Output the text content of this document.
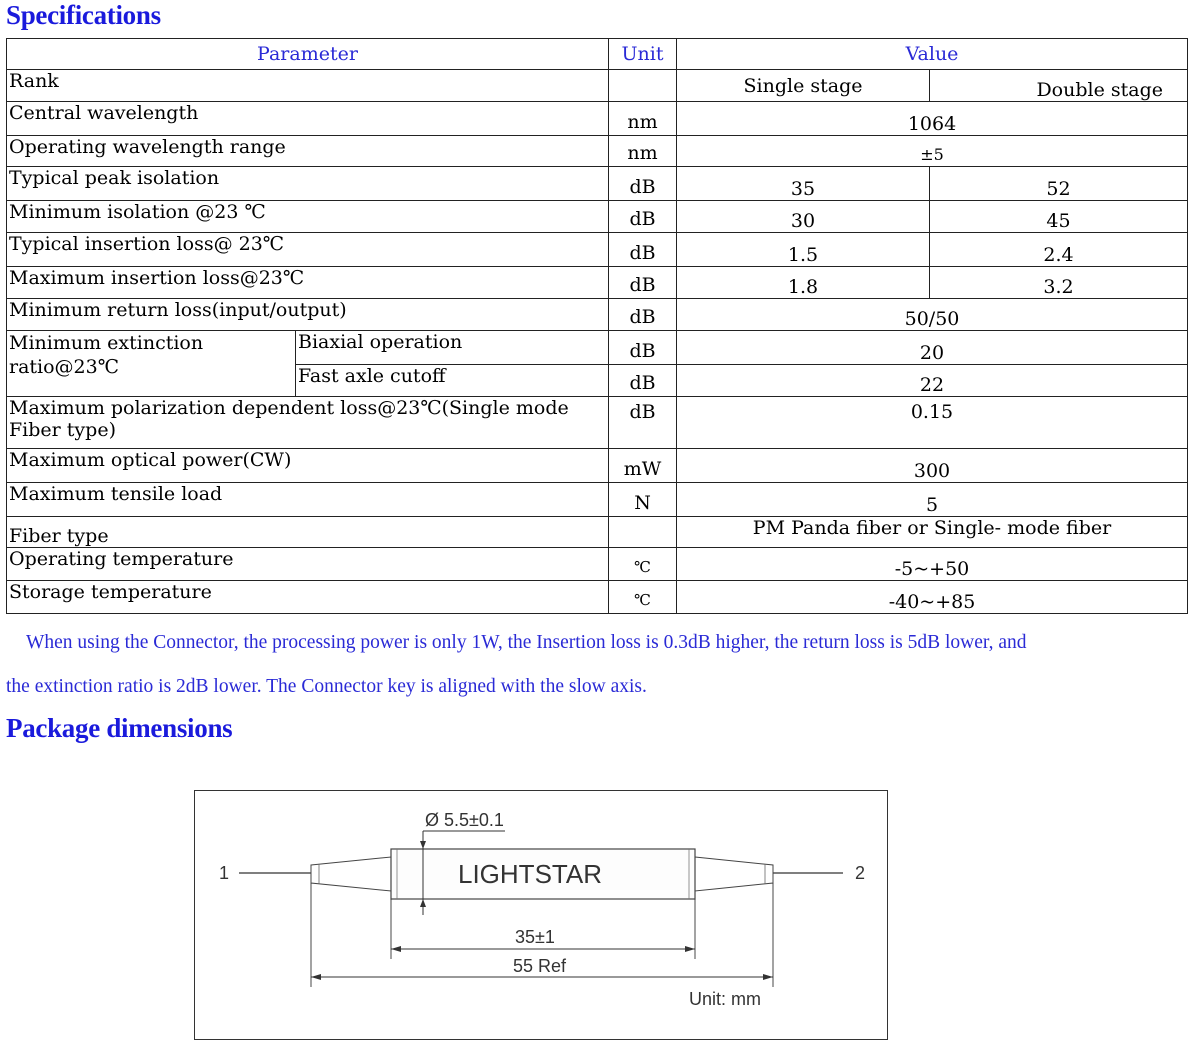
Specifications
Parameter		Unit	Value	
Rank			Single stage	Double stage
Central wavelength		nm	1064	
Operating wavelength range		nm	±5	
Typical peak isolation		dB	35	52
Minimum isolation @23 ℃		dB	30	45
Typical insertion loss@ 23℃		dB	1.5	2.4
Maximum insertion loss@23℃		dB	1.8	3.2
Minimum return loss(input/output)		dB	50/50	
Minimum extinction ratio@23℃	Biaxial operation	dB	20	
	Fast axle cutoff	dB	22	
Maximum polarization dependent loss@23℃(Single mode Fiber type)		dB	0.15	
Maximum optical power(CW)		mW	300	
Maximum tensile load		N	5	
Fiber type			PM Panda fiber or Single- mode fiber	
Operating temperature		℃	-5~+50	
Storage temperature		℃	-40~+85	
When using the Connector, the processing power is only 1W, the Insertion loss is 0.3dB higher, the return loss is 5dB lower, and
the extinction ratio is 2dB lower. The Connector key is aligned with the slow axis.
Package dimensions
1	2
Ø 5.5±0.1
LIGHTSTAR
35±1
55 Ref
Unit: mm
